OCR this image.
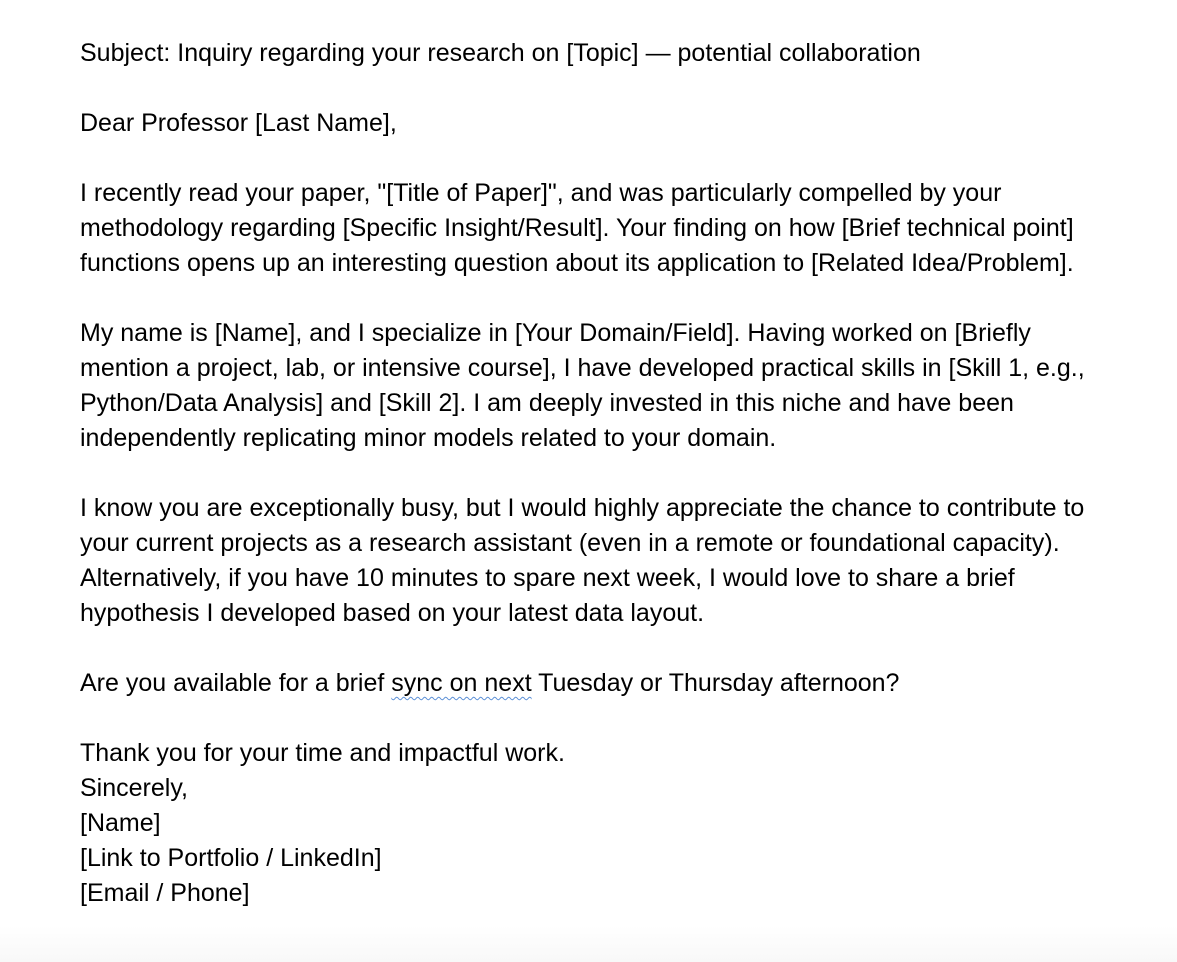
Subject: Inquiry regarding your research on [Topic] — potential collaboration

Dear Professor [Last Name],

I recently read your paper, "[Title of Paper]", and was particularly compelled by your
methodology regarding [Specific Insight/Result]. Your finding on how [Brief technical point]
functions opens up an interesting question about its application to [Related Idea/Problem].

My name is [Name], and I specialize in [Your Domain/Field]. Having worked on [Briefly
mention a project, lab, or intensive course], I have developed practical skills in [Skill 1, e.g.,
Python/Data Analysis] and [Skill 2]. I am deeply invested in this niche and have been
independently replicating minor models related to your domain.

I know you are exceptionally busy, but I would highly appreciate the chance to contribute to
your current projects as a research assistant (even in a remote or foundational capacity).
Alternatively, if you have 10 minutes to spare next week, I would love to share a brief
hypothesis I developed based on your latest data layout.

Are you available for a brief sync on next Tuesday or Thursday afternoon?

Thank you for your time and impactful work.
Sincerely,
[Name]
[Link to Portfolio / LinkedIn]
[Email / Phone]
